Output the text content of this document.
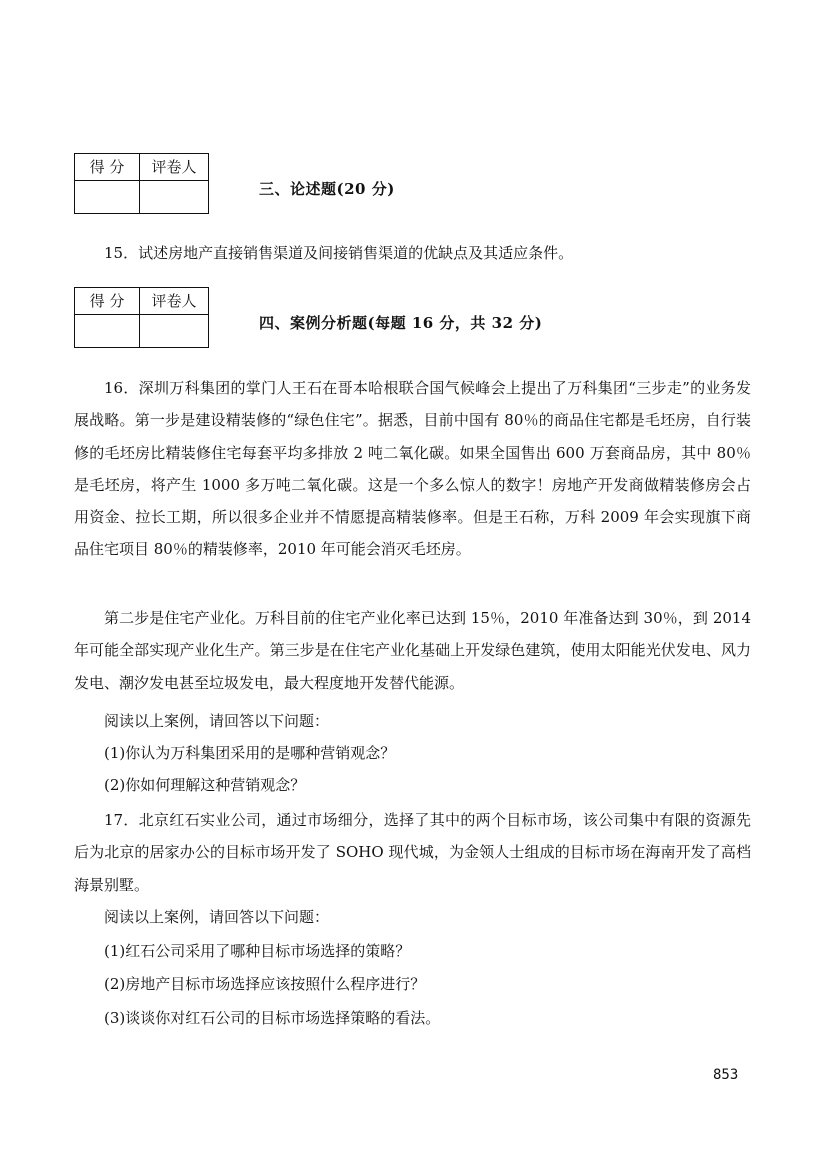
得 分	评卷人

三、论述题(20 分)
15．试述房地产直接销售渠道及间接销售渠道的优缺点及其适应条件。
得 分	评卷人

四、案例分析题(每题 16 分，共 32 分)

16．深圳万科集团的掌门人王石在哥本哈根联合国气候峰会上提出了万科集团“三步走”的业务发展战略。第一步是建设精装修的“绿色住宅”。据悉，目前中国有 80％的商品住宅都是毛坯房，自行装修的毛坯房比精装修住宅每套平均多排放 2 吨二氧化碳。如果全国售出 600 万套商品房，其中 80％是毛坯房，将产生 1000 多万吨二氧化碳。这是一个多么惊人的数字！房地产开发商做精装修房会占用资金、拉长工期，所以很多企业并不情愿提高精装修率。但是王石称，万科 2009 年会实现旗下商品住宅项目 80％的精装修率，2010 年可能会消灭毛坯房。

第二步是住宅产业化。万科目前的住宅产业化率已达到 15％，2010 年准备达到 30％，到 2014 年可能全部实现产业化生产。第三步是在住宅产业化基础上开发绿色建筑，使用太阳能光伏发电、风力发电、潮汐发电甚至垃圾发电，最大程度地开发替代能源。

阅读以上案例，请回答以下问题：
(1)你认为万科集团采用的是哪种营销观念？
(2)你如何理解这种营销观念？

17．北京红石实业公司，通过市场细分，选择了其中的两个目标市场，该公司集中有限的资源先后为北京的居家办公的目标市场开发了 SOHO 现代城，为金领人士组成的目标市场在海南开发了高档海景别墅。

阅读以上案例，请回答以下问题：
(1)红石公司采用了哪种目标市场选择的策略？
(2)房地产目标市场选择应该按照什么程序进行？
(3)谈谈你对红石公司的目标市场选择策略的看法。
853
